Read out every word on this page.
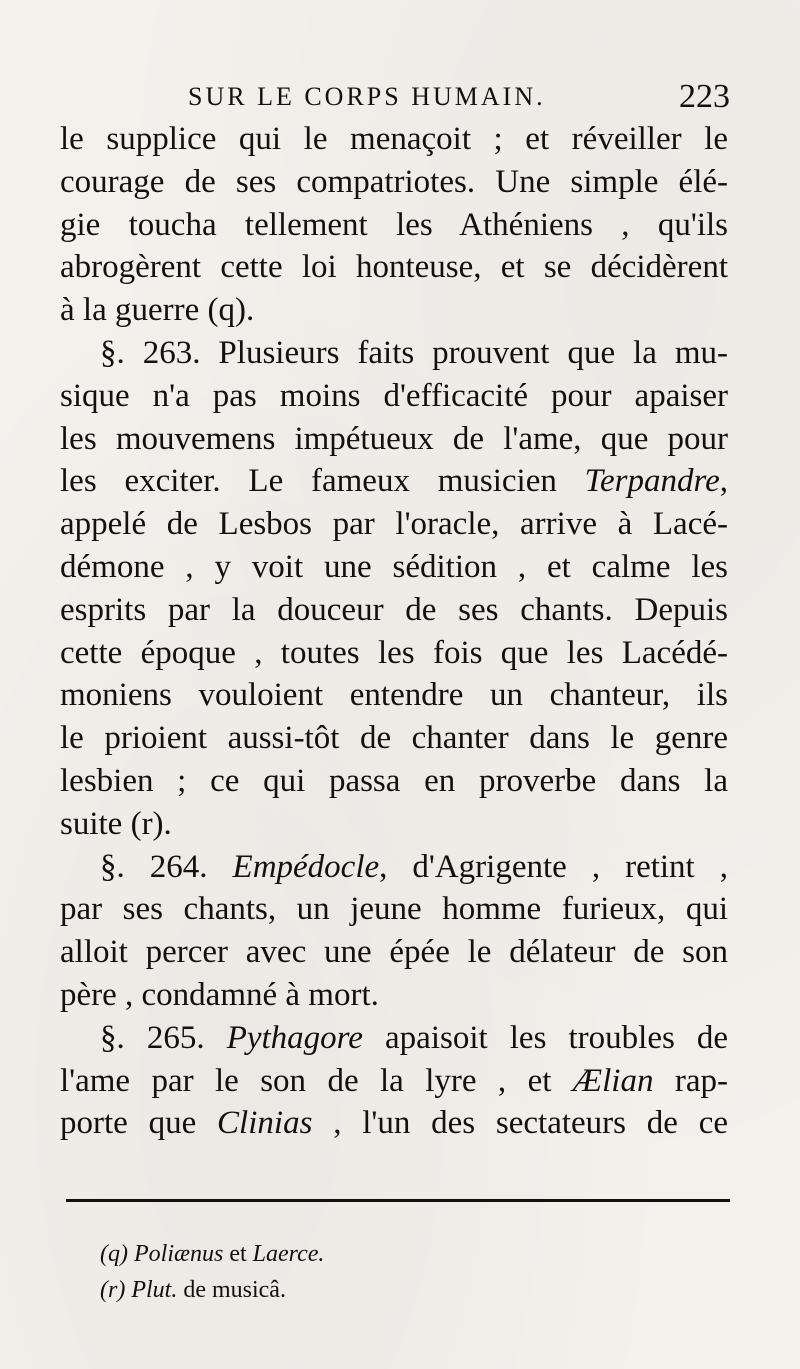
SUR LE CORPS HUMAIN.	223
le supplice qui le menaçoit ; et réveiller le
courage de ses compatriotes. Une simple élé-
gie toucha tellement les Athéniens , qu'ils
abrogèrent cette loi honteuse, et se décidèrent
à la guerre (q).
§. 263. Plusieurs faits prouvent que la mu-
sique n'a pas moins d'efficacité pour apaiser
les mouvemens impétueux de l'ame, que pour
les exciter. Le fameux musicien Terpandre,
appelé de Lesbos par l'oracle, arrive à Lacé-
démone , y voit une sédition , et calme les
esprits par la douceur de ses chants. Depuis
cette époque , toutes les fois que les Lacédé-
moniens vouloient entendre un chanteur, ils
le prioient aussi-tôt de chanter dans le genre
lesbien ; ce qui passa en proverbe dans la
suite (r).
§. 264. Empédocle, d'Agrigente , retint ,
par ses chants, un jeune homme furieux, qui
alloit percer avec une épée le délateur de son
père , condamné à mort.
§. 265. Pythagore apaisoit les troubles de
l'ame par le son de la lyre , et Ælian rap-
porte que Clinias , l'un des sectateurs de ce
(q) Poliænus et Laerce.
(r) Plut. de musicâ.
